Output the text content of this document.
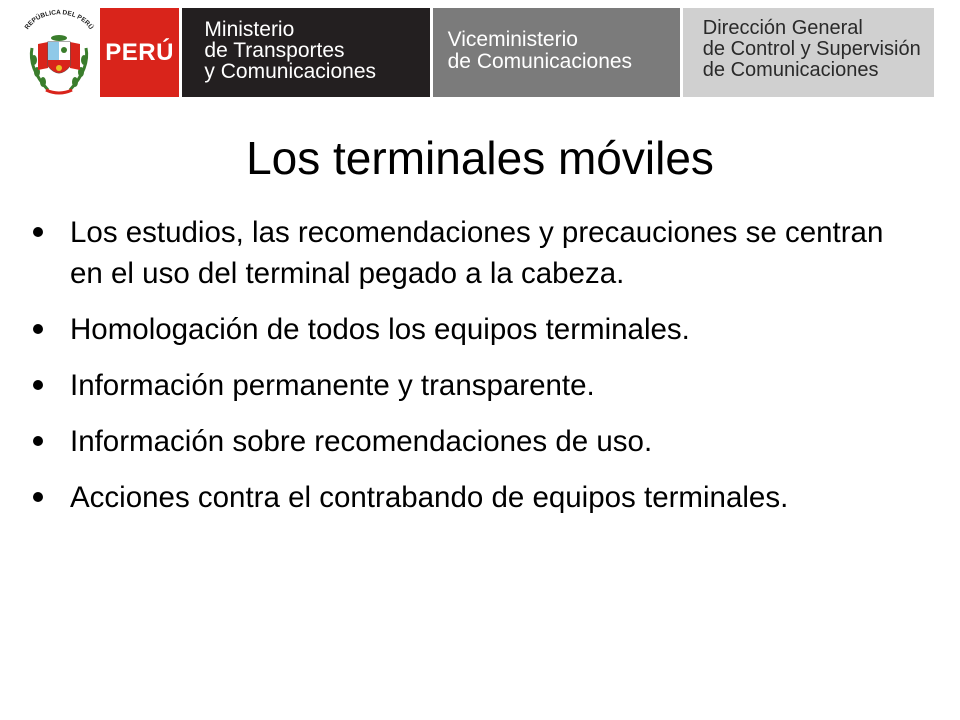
REPÚBLICA DEL PERÚ
PERÚ
Ministerio
de Transportes
y Comunicaciones
Viceministerio
de Comunicaciones
Dirección General
de Control y Supervisión
de Comunicaciones
Los terminales móviles
Los estudios, las recomendaciones y precauciones se centran en el uso del terminal pegado a la cabeza.
Homologación de todos los equipos terminales.
Información permanente y transparente.
Información sobre recomendaciones de uso.
Acciones contra el contrabando de equipos terminales.
